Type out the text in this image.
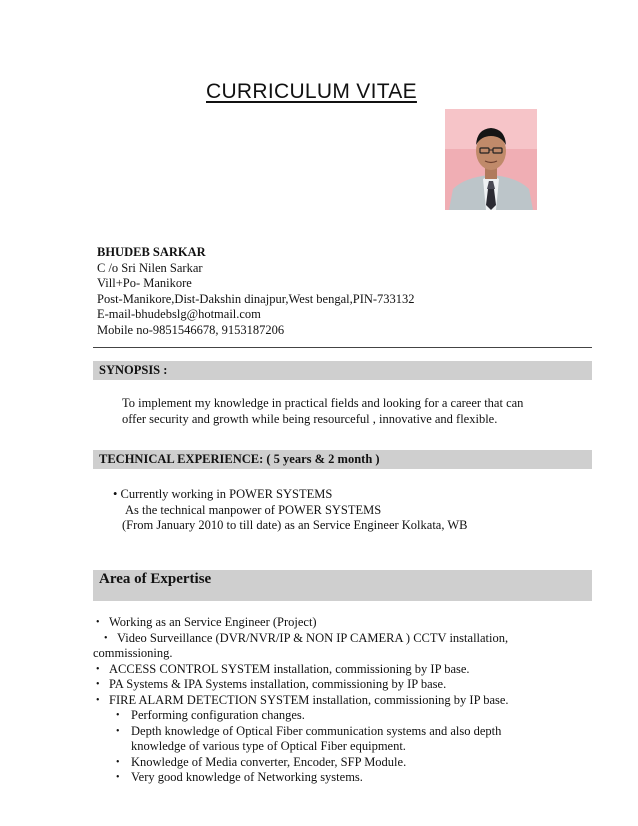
CURRICULUM VITAE
BHUDEB SARKAR
C /o Sri Nilen Sarkar
Vill+Po- Manikore
Post-Manikore,Dist-Dakshin dinajpur,West bengal,PIN-733132
E-mail-bhudebslg@hotmail.com
Mobile no-9851546678, 9153187206
SYNOPSIS :
To implement my knowledge in practical fields and looking for a career that can
offer security and growth while being resourceful , innovative and flexible.
TECHNICAL EXPERIENCE: ( 5 years & 2 month )
• Currently working in POWER SYSTEMS
As the technical manpower of POWER SYSTEMS
(From January 2010 to till date) as an Service Engineer Kolkata, WB
Area of Expertise
• Working as an Service Engineer (Project)
• Video Surveillance (DVR/NVR/IP & NON IP CAMERA ) CCTV installation,
commissioning.
• ACCESS CONTROL SYSTEM installation, commissioning by IP base.
• PA Systems & IPA Systems installation, commissioning by IP base.
• FIRE ALARM DETECTION SYSTEM installation, commissioning by IP base.
• Performing configuration changes.
• Depth knowledge of Optical Fiber communication systems and also depth
knowledge of various type of Optical Fiber equipment.
• Knowledge of Media converter, Encoder, SFP Module.
• Very good knowledge of Networking systems.
